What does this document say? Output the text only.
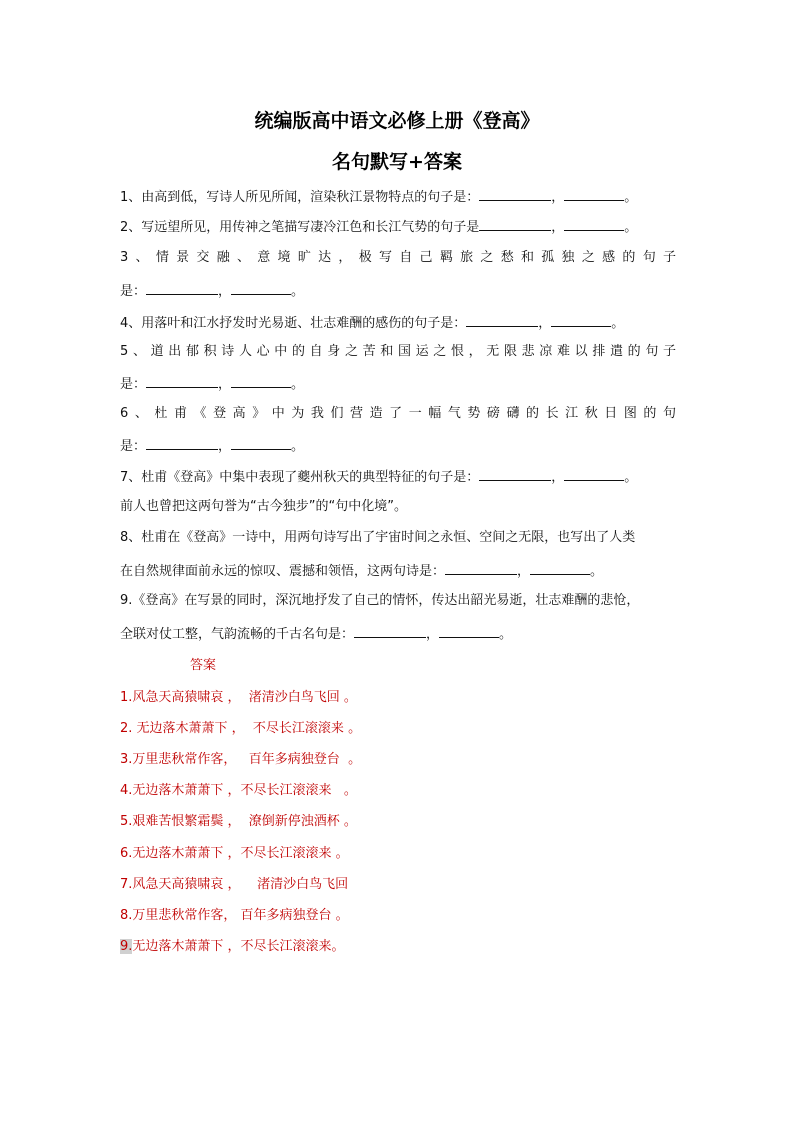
统编版高中语文必修上册《登高》
名句默写+答案
1、由高到低，写诗人所见所闻，渲染秋江景物特点的句子是：	，	。
2、写远望所见，用传神之笔描写凄冷江色和长江气势的句子是	，	。
3、情景交融、意境旷达，极写自己羁旅之愁和孤独之感的句子
是：	，	。
4、用落叶和江水抒发时光易逝、壮志难酬的感伤的句子是：	，	。
5、道出郁积诗人心中的自身之苦和国运之恨，无限悲凉难以排遣的句子
是：	，	。
6、杜甫《登高》中为我们营造了一幅气势磅礴的长江秋日图的句
是：	，	。
7、杜甫《登高》中集中表现了夔州秋天的典型特征的句子是：	，	。
前人也曾把这两句誉为“古今独步”的“句中化境”。
8、杜甫在《登高》一诗中，用两句诗写出了宇宙时间之永恒、空间之无限，也写出了人类
在自然规律面前永远的惊叹、震撼和领悟，这两句诗是：	，	。
9.《登高》在写景的同时，深沉地抒发了自己的情怀，传达出韶光易逝，壮志难酬的悲怆，
全联对仗工整，气韵流畅的千古名句是：	，	。
答案
1.风急天高猿啸哀 ，  渚清沙白鸟飞回 。
2. 无边落木萧萧下 ，  不尽长江滚滚来 。
3.万里悲秋常作客，   百年多病独登台  。
4.无边落木萧萧下 ，不尽长江滚滚来   。
5.艰难苦恨繁霜鬓 ，  潦倒新停浊酒杯 。
6.无边落木萧萧下 ，不尽长江滚滚来 。
7.风急天高猿啸哀 ，    渚清沙白鸟飞回
8.万里悲秋常作客， 百年多病独登台 。
9.无边落木萧萧下 ，不尽长江滚滚来。
